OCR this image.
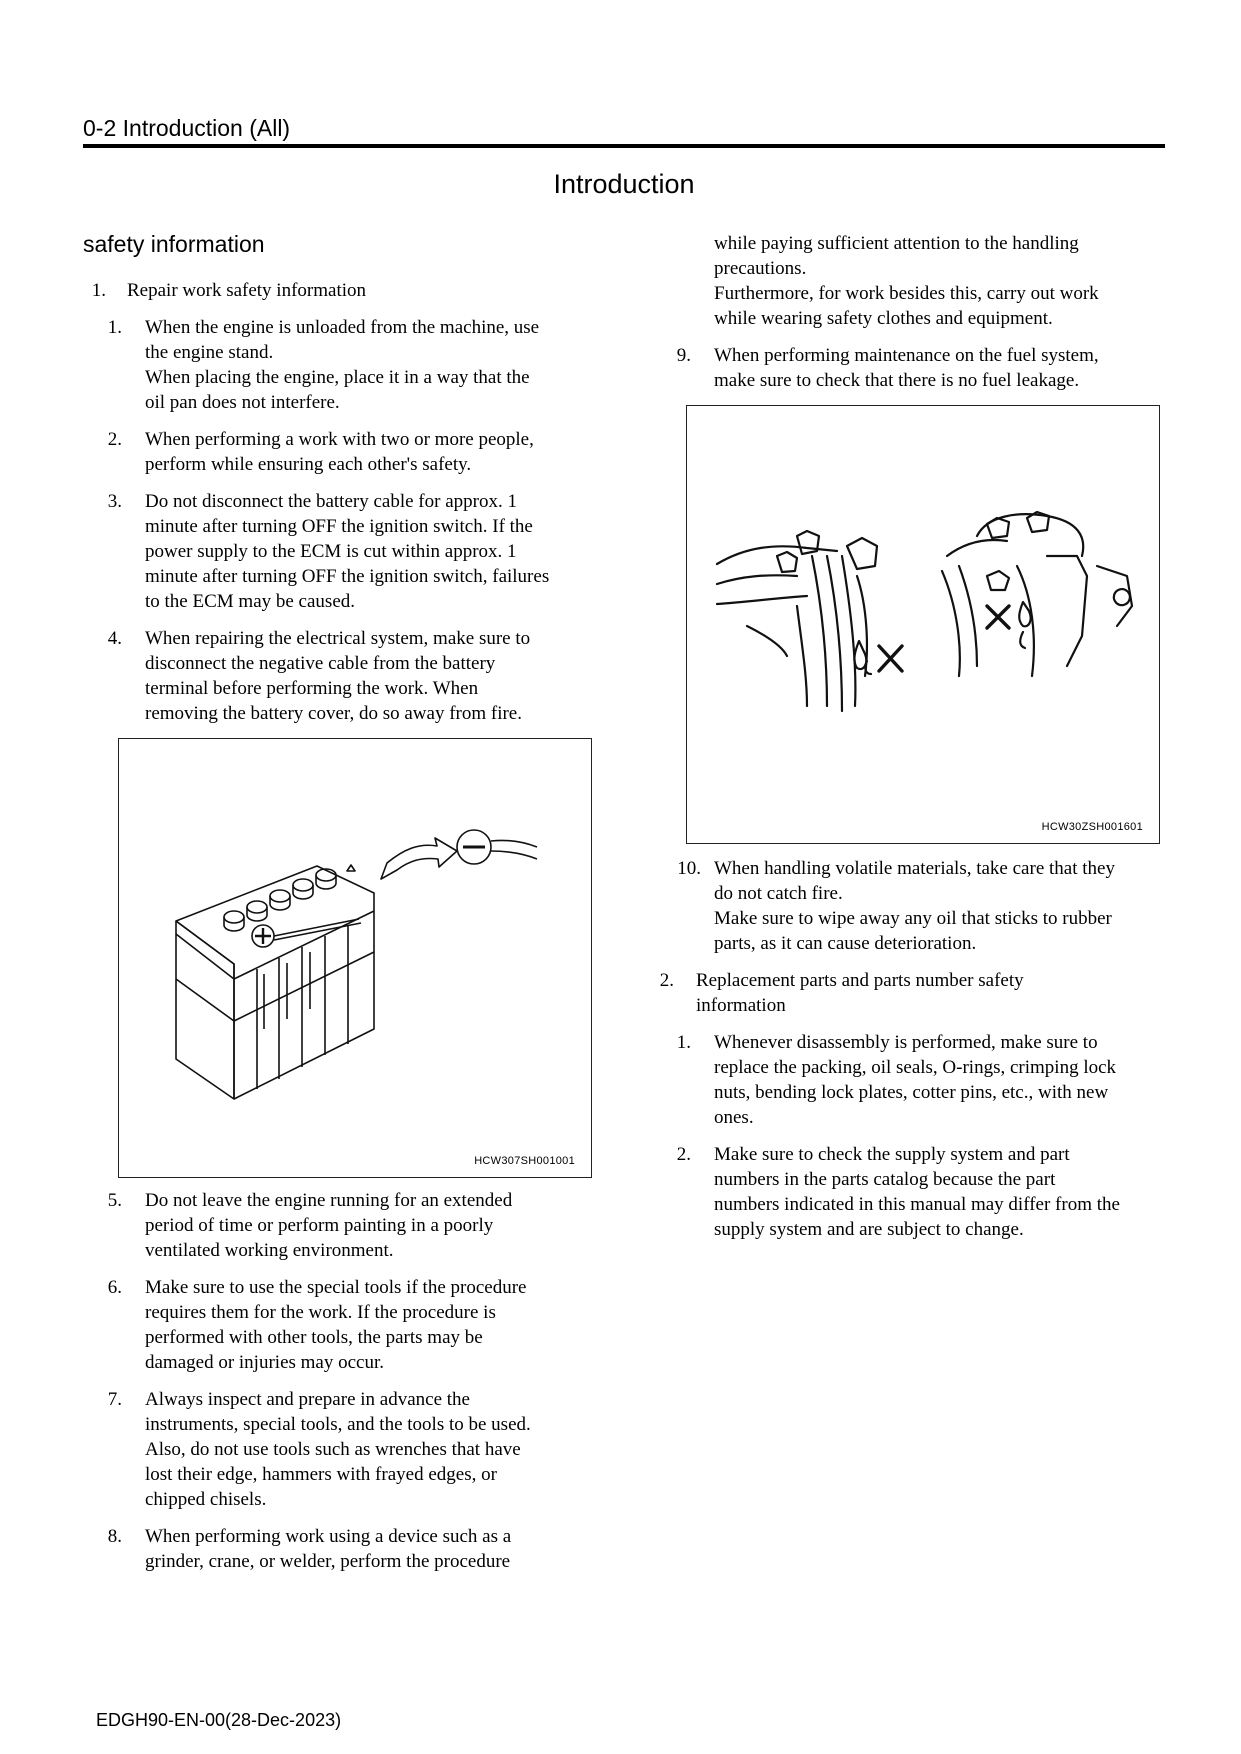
0-2 Introduction (All)
Introduction
safety information
1. Repair work safety information
1. When the engine is unloaded from the machine, use
the engine stand.
When placing the engine, place it in a way that the
oil pan does not interfere.
2. When performing a work with two or more people,
perform while ensuring each other's safety.
3. Do not disconnect the battery cable for approx. 1
minute after turning OFF the ignition switch. If the
power supply to the ECM is cut within approx. 1
minute after turning OFF the ignition switch, failures
to the ECM may be caused.
4. When repairing the electrical system, make sure to
disconnect the negative cable from the battery
terminal before performing the work. When
removing the battery cover, do so away from fire.
HCW307SH001001
5. Do not leave the engine running for an extended
period of time or perform painting in a poorly
ventilated working environment.
6. Make sure to use the special tools if the procedure
requires them for the work. If the procedure is
performed with other tools, the parts may be
damaged or injuries may occur.
7. Always inspect and prepare in advance the
instruments, special tools, and the tools to be used.
Also, do not use tools such as wrenches that have
lost their edge, hammers with frayed edges, or
chipped chisels.
8. When performing work using a device such as a
grinder, crane, or welder, perform the procedure
while paying sufficient attention to the handling
precautions.
Furthermore, for work besides this, carry out work
while wearing safety clothes and equipment.
9. When performing maintenance on the fuel system,
make sure to check that there is no fuel leakage.
HCW30ZSH001601
10. When handling volatile materials, take care that they
do not catch fire.
Make sure to wipe away any oil that sticks to rubber
parts, as it can cause deterioration.
2. Replacement parts and parts number safety
information
1. Whenever disassembly is performed, make sure to
replace the packing, oil seals, O-rings, crimping lock
nuts, bending lock plates, cotter pins, etc., with new
ones.
2. Make sure to check the supply system and part
numbers in the parts catalog because the part
numbers indicated in this manual may differ from the
supply system and are subject to change.
EDGH90-EN-00(28-Dec-2023)
